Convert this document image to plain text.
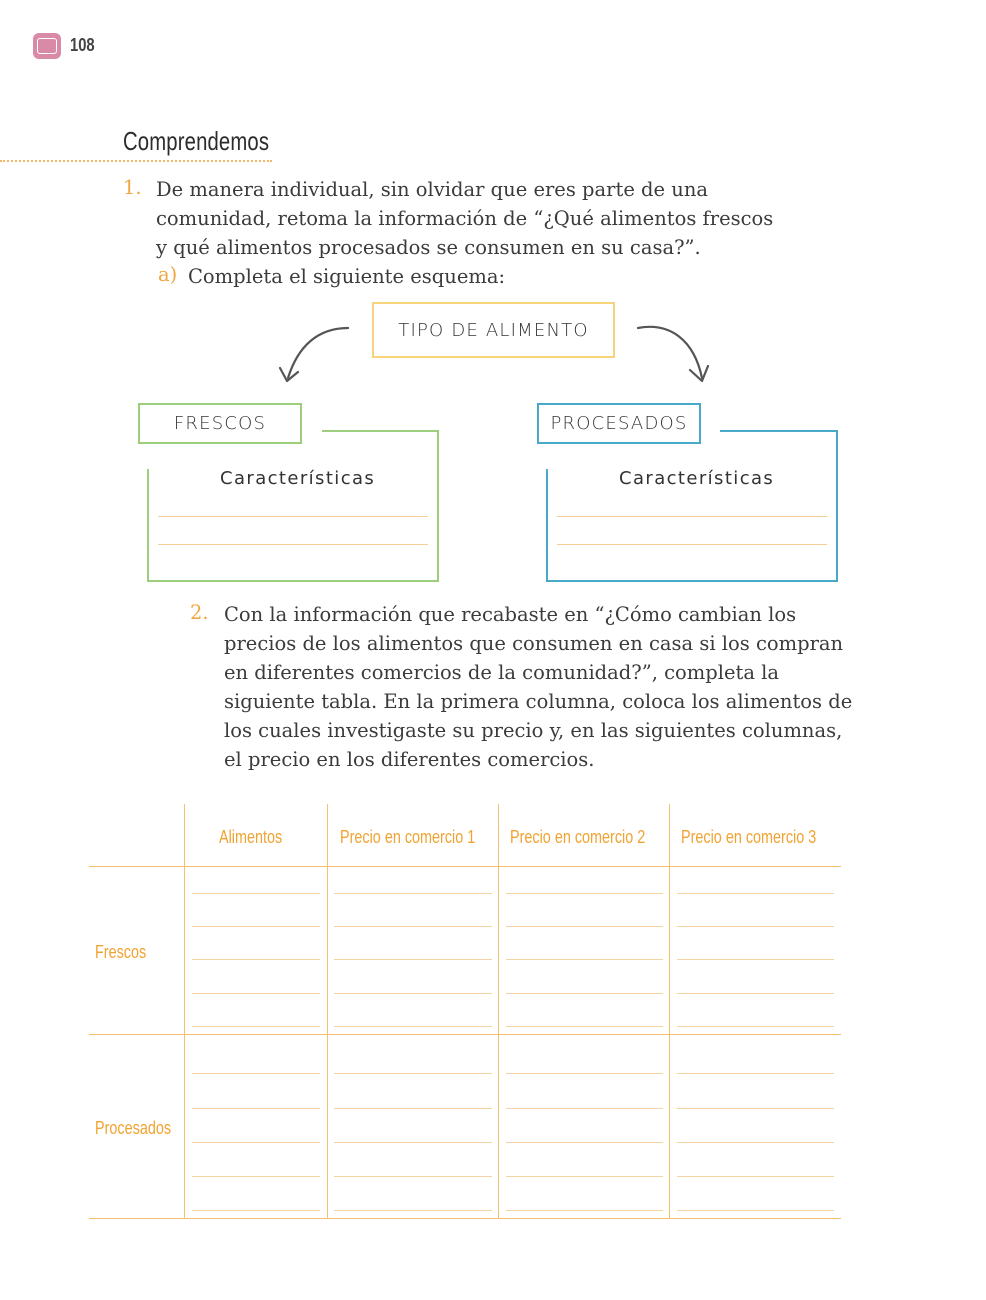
108
Comprendemos
1. De manera individual, sin olvidar que eres parte de una
comunidad, retoma la información de “¿Qué alimentos frescos
y qué alimentos procesados se consumen en su casa?”.
a) Completa el siguiente esquema:
TIPO DE ALIMENTO
FRESCOS
Características
PROCESADOS
Características
2. Con la información que recabaste en “¿Cómo cambian los
precios de los alimentos que consumen en casa si los compran
en diferentes comercios de la comunidad?”, completa la
siguiente tabla. En la primera columna, coloca los alimentos de
los cuales investigaste su precio y, en las siguientes columnas,
el precio en los diferentes comercios.
Alimentos	Precio en comercio 1 Precio en comercio 2 Precio en comercio 3
Frescos
Procesados
